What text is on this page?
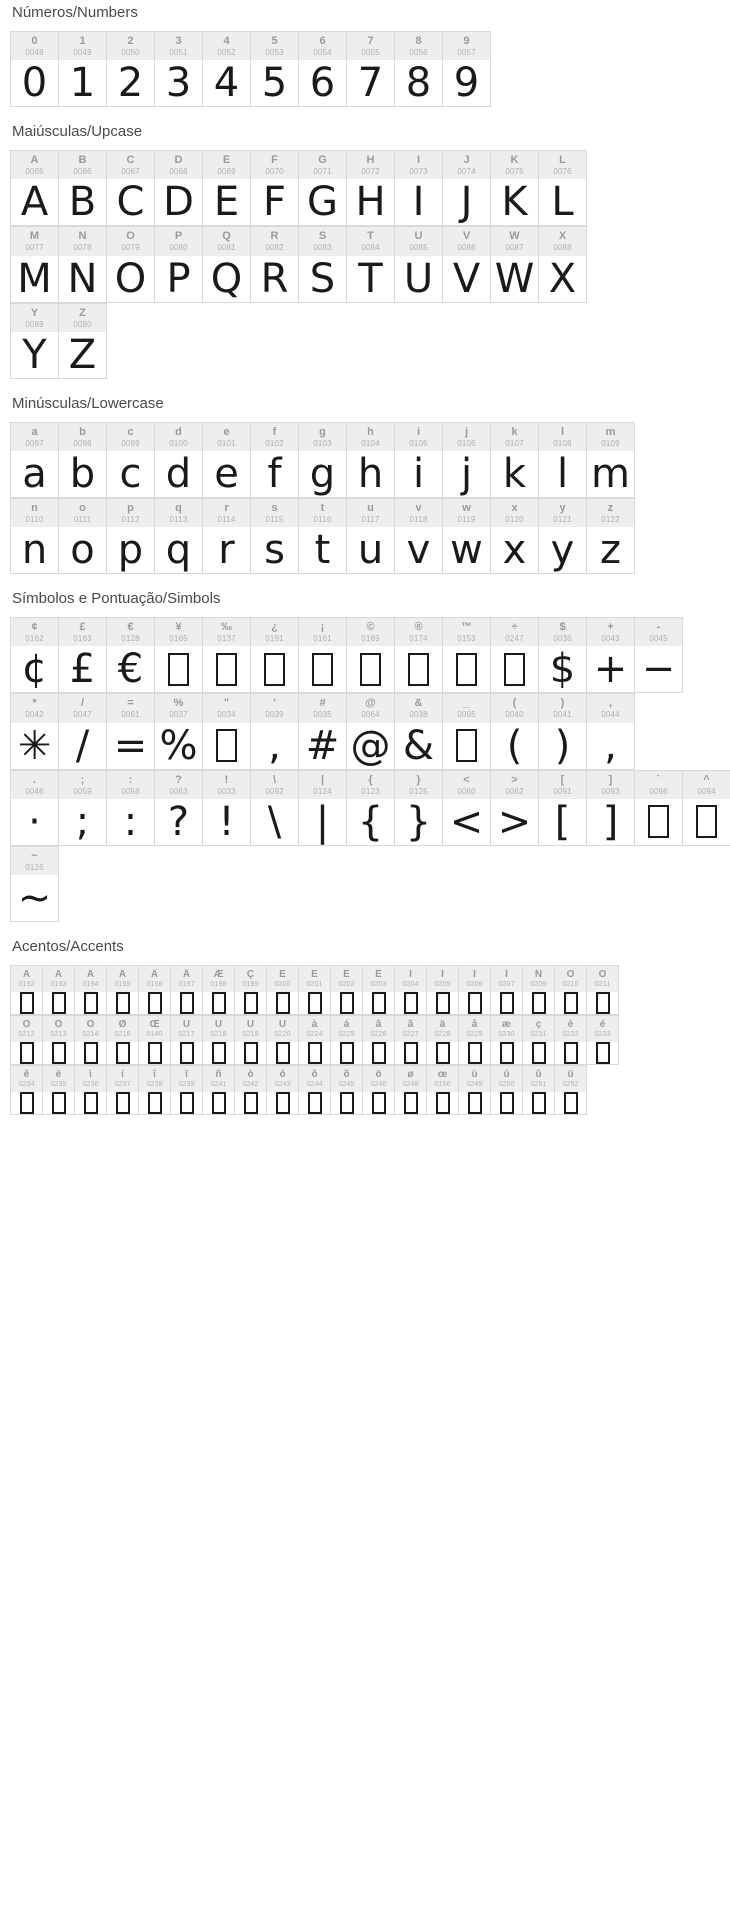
Números/Numbers
0
0048
0
1
0049
1
2
0050
2
3
0051
3
4
0052
4
5
0053
5
6
0054
6
7
0055
7
8
0056
8
9
0057
9
Maiúsculas/Upcase
A
0065
A
B
0066
B
C
0067
C
D
0068
D
E
0069
E
F
0070
F
G
0071
G
H
0072
H
I
0073
I
J
0074
J
K
0075
K
L
0076
L
M
0077
M
N
0078
N
O
0079
O
P
0080
P
Q
0081
Q
R
0082
R
S
0083
S
T
0084
T
U
0085
U
V
0086
V
W
0087
W
X
0088
X
Y
0089
Y
Z
0090
Z
Minúsculas/Lowercase
a
0097
a
b
0098
b
c
0099
c
d
0100
d
e
0101
e
f
0102
f
g
0103
g
h
0104
h
i
0105
i
j
0106
j
k
0107
k
l
0108
l
m
0109
m
n
0110
n
o
0111
o
p
0112
p
q
0113
q
r
0114
r
s
0115
s
t
0116
t
u
0117
u
v
0118
v
w
0119
w
x
0120
x
y
0121
y
z
0122
z
Símbolos e Pontuação/Simbols
¢
0162
¢
£
0163
£
€
0128
€
¥
0165
‰
0137
¿
0191
¡
0161
©
0169
®
0174
™
0153
÷
0247
$
0036
$
+
0043
+
-
0045
−
*
0042
✳
/
0047
/
=
0061
=
%
0037
%
"
0034
'
0039
,
#
0035
#
@
0064
@
&
0038
&
_
0095
(
0040
(
)
0041
)
,
0044
,
.
0046
·
;
0059
;
:
0058
:
?
0063
?
!
0033
!
\
0092
\
|
0124
|
{
0123
{
}
0125
}
<
0060
<
>
0062
>
[
0091
[
]
0093
]
`
0096
^
0094
~
0126
~
Acentos/Accents
À
0192
Á
0193
Â
0194
Ã
0195
Ä
0196
Å
0197
Æ
0198
Ç
0199
È
0200
É
0201
Ê
0202
Ë
0203
Ì
0204
Í
0205
Î
0206
Ï
0207
Ñ
0209
Ò
0210
Ó
0211
Ô
0212
Õ
0213
Ö
0214
Ø
0216
Œ
0140
Ù
0217
Ú
0218
Û
0219
Ü
0220
à
0224
á
0225
â
0226
ã
0227
ä
0228
å
0229
æ
0230
ç
0231
è
0232
é
0233
ê
0234
ë
0235
ì
0236
í
0237
î
0238
ï
0239
ñ
0241
ò
0242
ó
0243
ô
0244
õ
0245
ö
0246
ø
0248
œ
0156
ù
0249
ú
0250
û
0251
ü
0252
